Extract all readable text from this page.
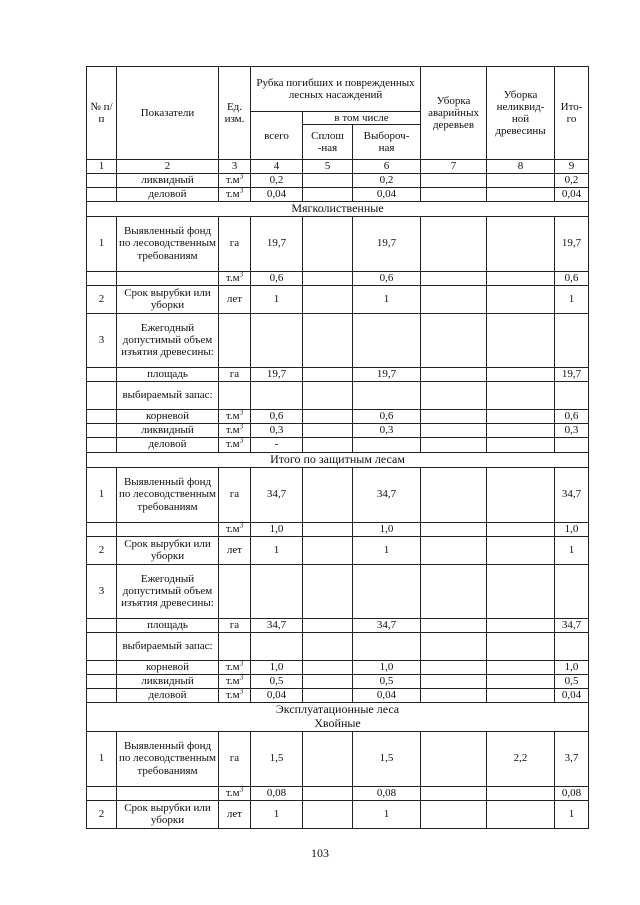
№ п/п	Показатели	Ед. изм.	Рубка погибших и поврежденных лесных насаждений			Уборка аварийных деревьев	Уборка неликвид- ной древесины	Ито- го
			всего	в том числе				
				Сплош -ная	Выбороч- ная			
1	2	3	4	5	6	7	8	9
	ликвидный	$т.м^3$	0,2		0,2			0,2
	деловой	$т.м^3$	0,04		0,04			0,04
Мягколиственные								
1	Выявленный фонд по лесоводственным требованиям	га	19,7		19,7			19,7
		$т.м^3$	0,6		0,6			0,6
2	Срок вырубки или уборки	лет	1		1			1
3	Ежегодный допустимый объем изъятия древесины:							
	площадь	га	19,7		19,7			19,7
	выбираемый запас:							
	корневой	$т.м^3$	0,6		0,6			0,6
	ликвидный	$т.м^3$	0,3		0,3			0,3
	деловой	$т.м^3$	-					
Итого по защитным лесам								
1	Выявленный фонд по лесоводственным требованиям	га	34,7		34,7			34,7
		$т.м^3$	1,0		1,0			1,0
2	Срок вырубки или уборки	лет	1		1			1
3	Ежегодный допустимый объем изъятия древесины:							
	площадь	га	34,7		34,7			34,7
	выбираемый запас:							
	корневой	$т.м^3$	1,0		1,0			1,0
	ликвидный	$т.м^3$	0,5		0,5			0,5
	деловой	$т.м^3$	0,04		0,04			0,04

Эксплуатационные леса
Хвойные								

1	Выявленный фонд по лесоводственным требованиям	га	1,5		1,5		2,2	3,7
		$т.м^3$	0,08		0,08			0,08
2	Срок вырубки или уборки	лет	1		1			1
103
